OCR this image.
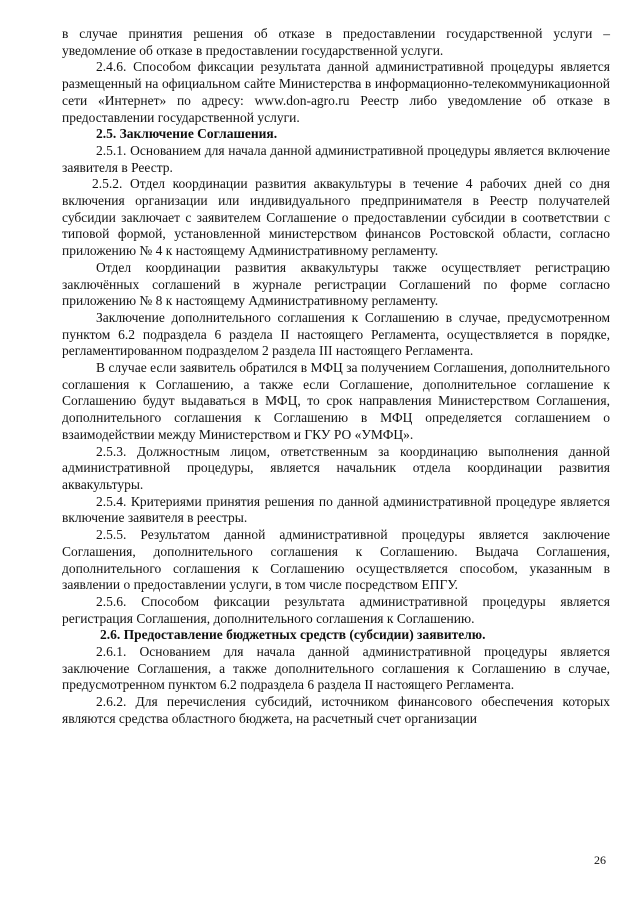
в случае принятия решения об отказе в предоставлении государственной услуги – уведомление об отказе в предоставлении государственной услуги.

2.4.6. Способом фиксации результата данной административной процедуры является размещенный на официальном сайте Министерства в информационно-телекоммуникационной сети «Интернет» по адресу: www.don-agro.ru Реестр либо уведомление об отказе в предоставлении государственной услуги.

2.5. Заключение Соглашения.

2.5.1. Основанием для начала данной административной процедуры является включение заявителя в Реестр.

2.5.2. Отдел координации развития аквакультуры в течение 4 рабочих дней со дня включения организации или индивидуального предпринимателя в Реестр получателей субсидии заключает с заявителем Соглашение о предоставлении субсидии в соответствии с типовой формой, установленной министерством финансов Ростовской области, согласно приложению № 4 к настоящему Административному регламенту.

Отдел координации развития аквакультуры также осуществляет регистрацию заключённых соглашений в журнале регистрации Соглашений по форме согласно приложению № 8 к настоящему Административному регламенту.

Заключение дополнительного соглашения к Соглашению в случае, предусмотренном пунктом 6.2 подраздела 6 раздела II настоящего Регламента, осуществляется в порядке, регламентированном подразделом 2 раздела III настоящего Регламента.

В случае если заявитель обратился в МФЦ за получением Соглашения, дополнительного соглашения к Соглашению, а также если Соглашение, дополнительное соглашение к Соглашению будут выдаваться в МФЦ, то срок направления Министерством Соглашения, дополнительного соглашения к Соглашению в МФЦ определяется соглашением о взаимодействии между Министерством и ГКУ РО «УМФЦ».

2.5.3. Должностным лицом, ответственным за координацию выполнения данной административной процедуры, является начальник отдела координации развития аквакультуры.

2.5.4. Критериями принятия решения по данной административной процедуре является включение заявителя в реестры.

2.5.5. Результатом данной административной процедуры является заключение Соглашения, дополнительного соглашения к Соглашению. Выдача Соглашения, дополнительного соглашения к Соглашению осуществляется способом, указанным в заявлении о предоставлении услуги, в том числе посредством ЕПГУ.

2.5.6. Способом фиксации результата административной процедуры является регистрация Соглашения, дополнительного соглашения к Соглашению.

2.6. Предоставление бюджетных средств (субсидии) заявителю.

2.6.1. Основанием для начала данной административной процедуры является заключение Соглашения, а также дополнительного соглашения к Соглашению в случае, предусмотренном пунктом 6.2 подраздела 6 раздела II настоящего Регламента.

2.6.2. Для перечисления субсидий, источником финансового обеспечения которых являются средства областного бюджета, на расчетный счет организации

26
